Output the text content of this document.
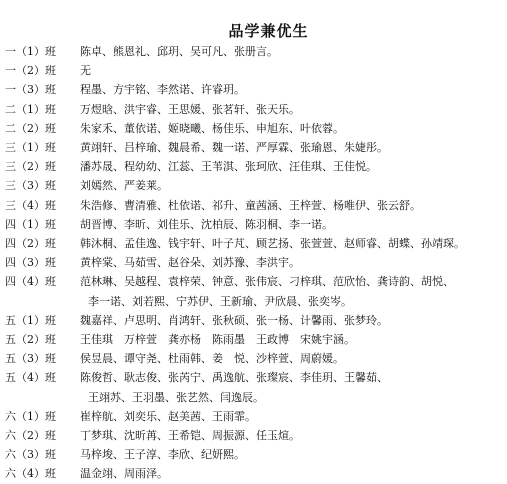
品学兼优生
一（1）班	陈卓、熊恩礼、邱玥、吴可凡、张册言。
一（2）班	无
一（3）班	程墨、方宇铭、李然诺、许睿玥。
二（1）班	万煜晗、洪宇睿、王思媛、张茗轩、张天乐。
二（2）班	朱家禾、董依诺、姬晓曦、杨佳乐、申旭东、叶依蓉。
三（1）班	黄翊轩、吕梓瑜、魏晨希、魏一诺、严厚霖、张瑜恩、朱婕彤。
三（2）班	潘苏晟、程幼幼、江蕊、王苇淇、张珂欣、汪佳琪、王佳悦。
三（3）班	刘嫣然、严姜莱。
三（4）班	朱浩修、曹清雅、杜依诺、祁升、童茜涵、王梓萱、杨唯伊、张云舒。
四（1）班	胡晋博、李昕、刘佳乐、沈柏辰、陈羽桐、李一诺。
四（2）班	韩沐桐、孟佳逸、钱宇轩、叶子芃、顾艺扬、张萱萱、赵师睿、胡蝶、孙靖琛。
四（3）班	黄梓棠、马茹雪、赵谷朵、刘苏豫、李洪宇。
四（4）班	范林琳、吴越程、袁梓荣、钟意、张伟宸、刁梓琪、范欣怡、龚诗韵、胡悦、
李一诺、刘若熙、宁苏伊、王新瑜、尹欣晨、张奕岑。
五（1）班	魏嘉祥、卢思明、肖鸿轩、张秋硕、张一杨、计馨雨、张梦玲。
五（2）班	王佳琪　万梓萱　龚亦杨　陈雨墨　王政博　宋姚宇涵。
五（3）班	侯昱晨、谭守尧、杜雨韩、姜　悦、沙梓萱、周蔚媛。
五（4）班	陈俊哲、耿志俊、张芮宁、禹逸航、张璨宸、李佳玥、王馨茹、
王翊苏、王羽墨、张艺然、闫逸辰。
六（1）班	崔梓航、刘奕乐、赵美茜、王雨霏。
六（2）班	丁梦琪、沈昕苒、王希铠、周振源、任玉煊。
六（3）班	马梓埈、王子淳、李欣、纪妍熙。
六（4）班	温金翊、周雨泽。
